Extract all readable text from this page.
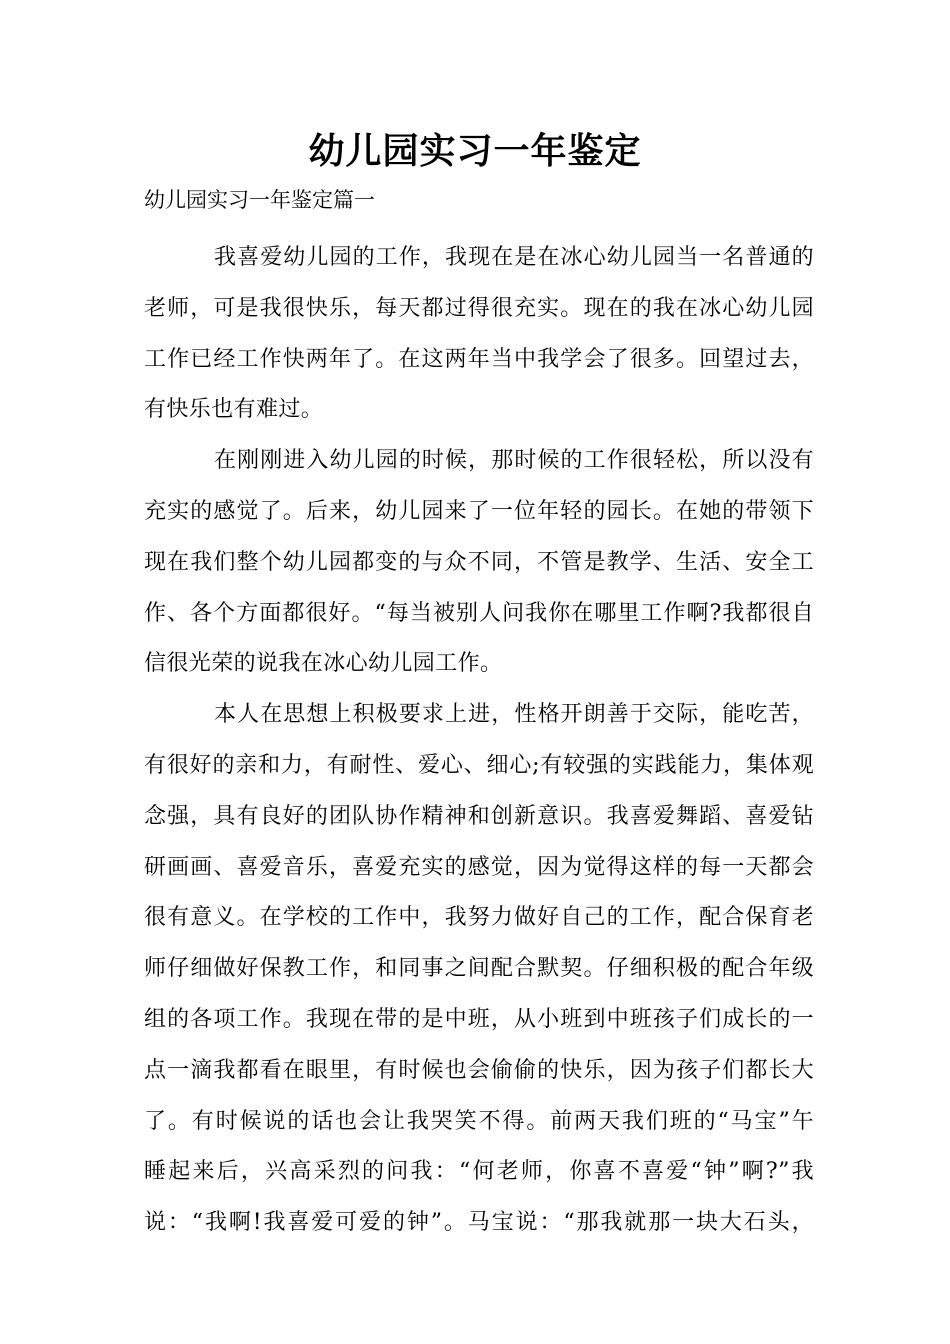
幼儿园实习一年鉴定

幼儿园实习一年鉴定篇一

我喜爱幼儿园的工作，我现在是在冰心幼儿园当一名普通的
老师，可是我很快乐，每天都过得很充实。现在的我在冰心幼儿园
工作已经工作快两年了。在这两年当中我学会了很多。回望过去，
有快乐也有难过。
在刚刚进入幼儿园的时候，那时候的工作很轻松，所以没有
充实的感觉了。后来，幼儿园来了一位年轻的园长。在她的带领下
现在我们整个幼儿园都变的与众不同，不管是教学、生活、安全工
作、各个方面都很好。“每当被别人问我你在哪里工作啊?我都很自
信很光荣的说我在冰心幼儿园工作。
本人在思想上积极要求上进，性格开朗善于交际，能吃苦，
有很好的亲和力，有耐性、爱心、细心;有较强的实践能力，集体观
念强，具有良好的团队协作精神和创新意识。我喜爱舞蹈、喜爱钻
研画画、喜爱音乐，喜爱充实的感觉，因为觉得这样的每一天都会
很有意义。在学校的工作中，我努力做好自己的工作，配合保育老
师仔细做好保教工作，和同事之间配合默契。仔细积极的配合年级
组的各项工作。我现在带的是中班，从小班到中班孩子们成长的一
点一滴我都看在眼里，有时候也会偷偷的快乐，因为孩子们都长大
了。有时候说的话也会让我哭笑不得。前两天我们班的“马宝”午
睡起来后，兴高采烈的问我：“何老师，你喜不喜爱“钟”啊?”我
说：“我啊!我喜爱可爱的钟”。马宝说：“那我就那一块大石头，
